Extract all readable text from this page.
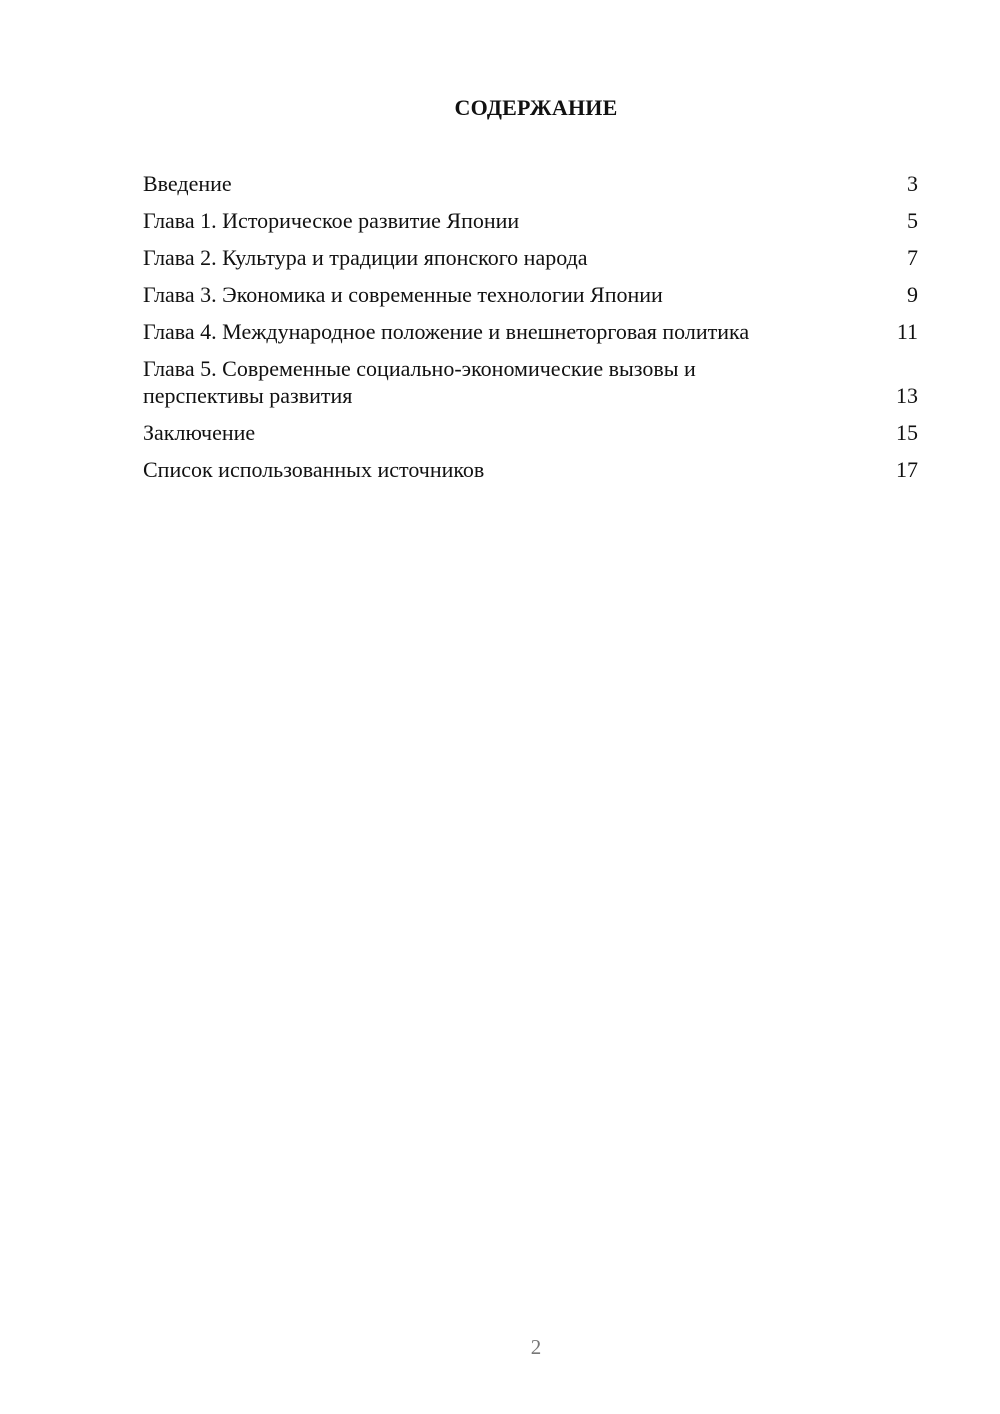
СОДЕРЖАНИЕ
Введение	3
Глава 1. Историческое развитие Японии	5
Глава 2. Культура и традиции японского народа	7
Глава 3. Экономика и современные технологии Японии	9
Глава 4. Международное положение и внешнеторговая политика	11
Глава 5. Современные социально-экономические вызовы и перспективы развития	13
Заключение	15
Список использованных источников	17
2
